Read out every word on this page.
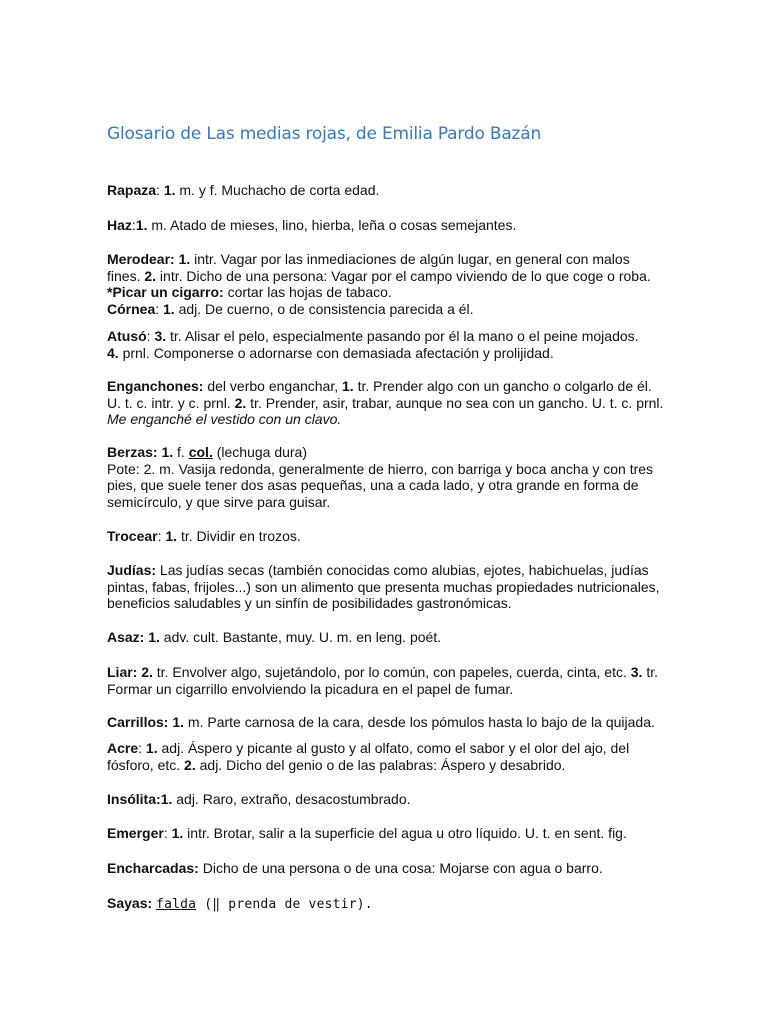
Glosario de Las medias rojas, de Emilia Pardo Bazán
Rapaza: 1. m. y f. Muchacho de corta edad.
Haz:1. m. Atado de mieses, lino, hierba, leña o cosas semejantes.
Merodear: 1. intr. Vagar por las inmediaciones de algún lugar, en general con malos
fines. 2. intr. Dicho de una persona: Vagar por el campo viviendo de lo que coge o roba.
*Picar un cigarro: cortar las hojas de tabaco.
Córnea: 1. adj. De cuerno, o de consistencia parecida a él.
Atusó: 3. tr. Alisar el pelo, especialmente pasando por él la mano o el peine mojados.
4. prnl. Componerse o adornarse con demasiada afectación y prolijidad.
Enganchones: del verbo enganchar, 1. tr. Prender algo con un gancho o colgarlo de él.
U. t. c. intr. y c. prnl. 2. tr. Prender, asir, trabar, aunque no sea con un gancho. U. t. c. prnl.
Me enganché el vestido con un clavo.
Berzas: 1. f. col. (lechuga dura)
Pote: 2. m. Vasija redonda, generalmente de hierro, con barriga y boca ancha y con tres
pies, que suele tener dos asas pequeñas, una a cada lado, y otra grande en forma de
semicírculo, y que sirve para guisar.
Trocear: 1. tr. Dividir en trozos.
Judías: Las judías secas (también conocidas como alubias, ejotes, habichuelas, judías
pintas, fabas, frijoles...) son un alimento que presenta muchas propiedades nutricionales,
beneficios saludables y un sinfín de posibilidades gastronómicas.
Asaz: 1. adv. cult. Bastante, muy. U. m. en leng. poét.
Liar: 2. tr. Envolver algo, sujetándolo, por lo común, con papeles, cuerda, cinta, etc. 3. tr.
Formar un cigarrillo envolviendo la picadura en el papel de fumar.
Carrillos: 1. m. Parte carnosa de la cara, desde los pómulos hasta lo bajo de la quijada.
Acre: 1. adj. Áspero y picante al gusto y al olfato, como el sabor y el olor del ajo, del
fósforo, etc. 2. adj. Dicho del genio o de las palabras: Áspero y desabrido.
Insólita:1. adj. Raro, extraño, desacostumbrado.
Emerger: 1. intr. Brotar, salir a la superficie del agua u otro líquido. U. t. en sent. fig.
Encharcadas: Dicho de una persona o de una cosa: Mojarse con agua o barro.
Sayas: falda (‖ prenda de vestir).
